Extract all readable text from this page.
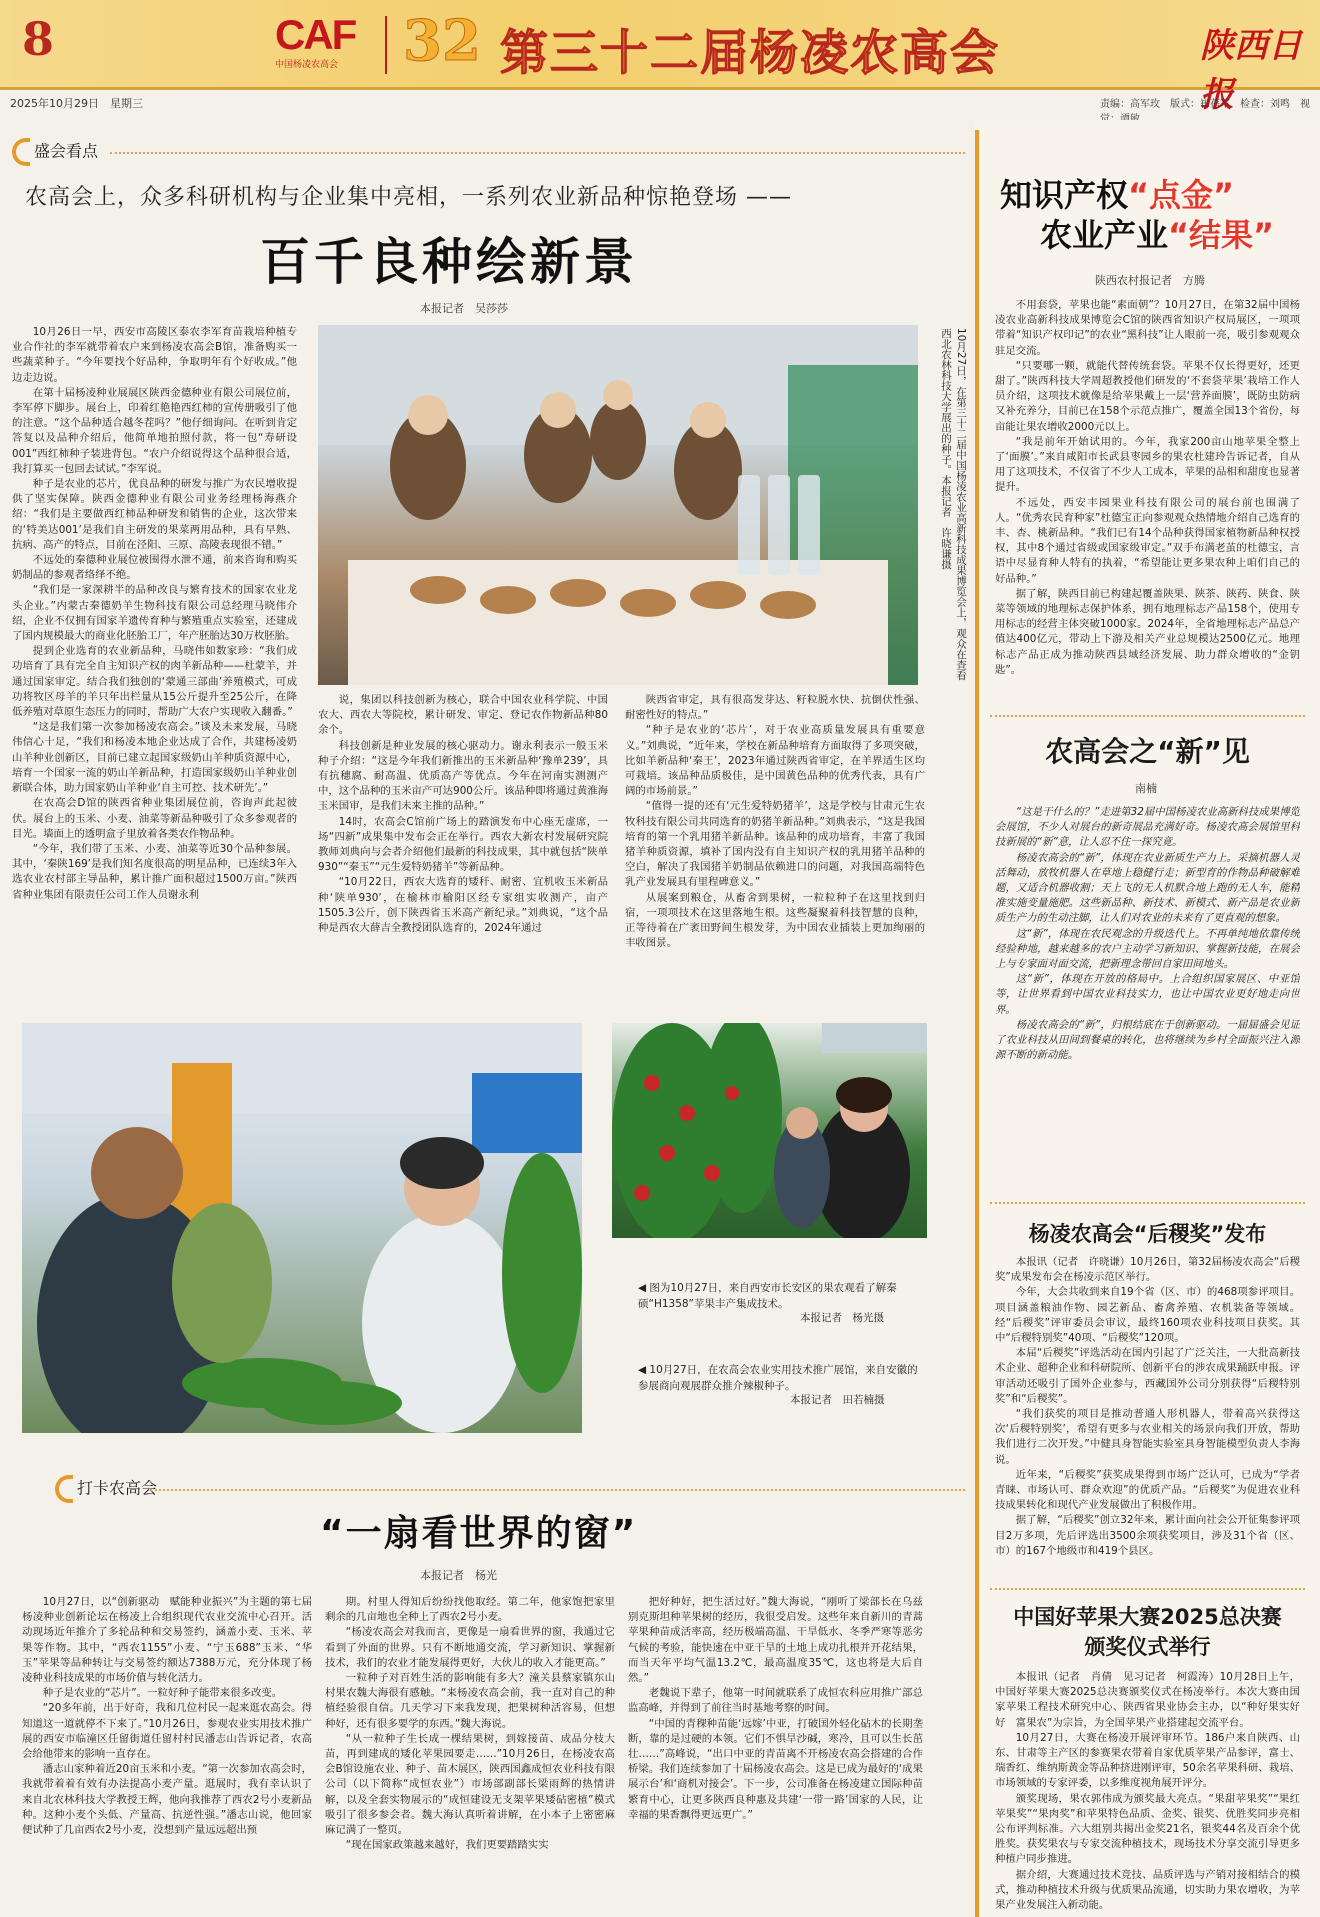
8	CAF
中国杨凌农高会	32 第三十二届杨凌农高会	陕西日报
2025年10月29日　星期三	责编：高军玫　版式：崔蓓军　检查：刘鸣　视
盛会看点
农高会上，众多科研机构与企业集中亮相，一系列农业新品种惊艳登场 ——
百千良种绘新景
本报记者　吴莎莎

10月26日一早，西安市高陵区泰农李军育苗栽培种植专业合作社的李军就带着农户来到杨凌农高会B馆，准备购买一些蔬菜种子。“今年要找个好品种，争取明年有个好收成。”他边走边说。

在第十届杨凌种业展展区陕西金德种业有限公司展位前，李军停下脚步。展台上，印着红艳艳西红柿的宣传册吸引了他的注意。“这个品种适合越冬茬吗？”他仔细询问。在听到肯定答复以及品种介绍后，他简单地拍照付款，将一包“寿研设001”西红柿种子装进背包。“农户介绍说得这个品种很合适，我打算买一包回去试试。”李军说。

种子是农业的芯片，优良品种的研发与推广为农民增收提供了坚实保障。陕西金德种业有限公司业务经理杨海燕介绍：“我们是主要做西红柿品种研发和销售的企业，这次带来的‘特美达001’是我们自主研发的果菜两用品种，具有早熟、抗病、高产的特点，目前在泾阳、三原、高陵表现很不错。”

不远处的秦德种业展位被围得水泄不通，前来咨询和购买奶制品的参观者络绎不绝。

“我们是一家深耕半的品种改良与繁育技术的国家农业龙头企业。”内蒙古秦德奶羊生物科技有限公司总经理马晓伟介绍，企业不仅拥有国家羊遗传育种与繁殖重点实验室，还建成了国内规模最大的商业化胚胎工厂，年产胚胎达30万枚胚胎。

提到企业选育的农业新品种，马晓伟如数家珍：“我们成功培育了具有完全自主知识产权的肉羊新品种——杜蒙羊，并通过国家审定。结合我们独创的‘蒙通三部曲’养殖模式，可成功将牧区母羊的羊只年出栏量从15公斤提升至25公斤，在降低养殖对草原生态压力的同时，帮助广大农户实现收入翻番。”

“这是我们第一次参加杨凌农高会。”谈及未来发展，马晓伟信心十足，“我们和杨凌本地企业达成了合作，共建杨凌奶山羊种业创新区，目前已建立起国家级奶山羊种质资源中心，培育一个国家一流的奶山羊新品种，打造国家级奶山羊种业创新联合体，助力国家奶山羊种业‘自主可控、技术研先’。”

在农高会D馆的陕西省种业集团展位前，咨询声此起彼伏。展台上的玉米、小麦、油菜等新品种吸引了众多参观者的目光。墙面上的透明盒子里放着各类农作物品种。

“今年，我们带了玉米、小麦、油菜等近30个品种参展。其中，‘秦陕169’是我们知名度很高的明星品种，已连续3年入选农业农村部主导品种，累计推广面积超过1500万亩。”陕西省种业集团有限责任公司工作人员谢永利

10月27日，在第三十二届中国杨凌农业高新科技成果博览会上，观众在查看西北农林科技大学展出的种子。本报记者　许晓谦摄

说，集团以科技创新为核心，联合中国农业科学院、中国农大、西农大等院校，累计研发、审定、登记农作物新品种80余个。

科技创新是种业发展的核心驱动力。谢永利表示一般玉米种子介绍：“这是今年我们新推出的玉米新品种‘豫单239’，具有抗穗腐、耐高温、优质高产等优点。今年在河南实测测产中，这个品种的玉米亩产可达900公斤。该品种即将通过黄淮海玉米国审，是我们未来主推的品种。”

14时，农高会C馆前广场上的踏演发布中心座无虚席，一场“四新”成果集中发布会正在举行。西农大新农村发展研究院教师刘典向与会者介绍他们最新的科技成果，其中就包括“陕单930”“秦玉”“元生爱特奶猪羊”等新品种。

“10月22日，西农大选育的矮秆、耐密、宜机收玉米新品种‘陕单930’，在榆林市榆阳区经专家组实收测产，亩产1505.3公斤，创下陕西省玉米高产新纪录。”刘典说，“这个品种是西农大薛吉全教授团队选育的，2024年通过

陕西省审定，具有很高发芽达、籽粒脱水快、抗倒伏性强、耐密性好的特点。”

“种子是农业的‘芯片’，对于农业高质量发展具有重要意义。”刘典说，“近年来，学校在新品种培育方面取得了多项突破，比如羊新品种‘秦王’，2023年通过陕西省审定，在羊界适生区均可栽培。该品种品质极佳，是中国黄色品种的优秀代表，具有广阔的市场前景。”

“值得一提的还有‘元生爱特奶猪羊’，这是学校与甘肃元生农牧科技有限公司共同选育的奶猪羊新品种。”刘典表示，“这是我国培育的第一个乳用猪羊新品种。该品种的成功培育，丰富了我国猪羊种质资源，填补了国内没有自主知识产权的乳用猪羊品种的空白，解决了我国猪羊奶制品依赖进口的问题，对我国高端特色乳产业发展具有里程碑意义。”

从展案到粮仓，从畜舍到果树，一粒粒种子在这里找到归宿，一项项技术在这里落地生根。这些凝聚着科技智慧的良种，正等待着在广袤田野间生根发芽，为中国农业插装上更加绚丽的丰收图景。

◀ 图为10月27日，来自西安市长安区的果农观看了解秦硕“H1358”苹果丰产集成技术。
本报记者　杨光摄
◀ 10月27日，在农高会农业实用技术推广展馆，来自安徽的参展商向观展群众推介辣椒种子。
本报记者　田若楠摄
打卡农高会
“一扇看世界的窗”
本报记者　杨光

10月27日，以“创新驱动　赋能种业振兴”为主题的第七届杨凌种业创新论坛在杨凌上合组织现代农业交流中心召开。活动现场近年推介了多轮品种和交易签约，涵盖小麦、玉米、苹果等作物。其中，“西农1155”小麦、“宁玉688”玉米、“华玉”苹果等品种转让与交易签约额达7388万元，充分体现了杨凌种业科技成果的市场价值与转化活力。

种子是农业的“芯片”。一粒好种子能带来很多改变。

“20多年前，出于好奇，我和几位村民一起来逛农高会。得知道这一道就停不下来了。”10月26日，参观农业实用技术推广展的西安市临潼区任留街道任留村村民潘志山告诉记者，农高会给他带来的影响一直存在。

潘志山家种着近20亩玉米和小麦。“第一次参加农高会时，我就带着着有效有办法提高小麦产量。逛展时，我有幸认识了来自北农林科技大学教授王辉，他向我推荐了西农2号小麦新品种。这种小麦个头低、产量高、抗逆性强。”潘志山说，他回家便试种了几亩西农2号小麦，没想到产量远远超出预

期。村里人得知后纷纷找他取经。第二年，他家饱把家里剩余的几亩地也全种上了西农2号小麦。

“杨凌农高会对我而言，更像是一扇看世界的窗，我通过它看到了外面的世界。只有不断地通交流，学习新知识、掌握新技术，我们的农业才能发展得更好，大伙儿的收入才能更高。”

一粒种子对百姓生活的影响能有多大？潼关县蔡家镇东山村果农魏大海很有感触。“来杨凌农高会前，我一直对自己的种植经验很自信。几天学习下来我发现，把果树种活容易，但想种好，还有很多要学的东西。”魏大海说。

“从一粒种子生长成一棵结果树，到嫁接苗、成品分枝大苗，再到建成的矮化苹果园要走……”10月26日，在杨凌农高会B馆设施农业、种子、苗木展区，陕西国鑫成恒农业科技有限公司（以下简称“成恒农业”）市场部副部长梁雨辉的热情讲解，以及全套实物展示的“成恒建设无支架苹果矮砧密植”模式吸引了很多参会者。魏大海认真听着讲解，在小本子上密密麻麻记满了一整页。

“现在国家政策越来越好，我们更要踏踏实实

把好种好，把生活过好。”魏大海说，“刚听了梁部长在乌兹别克斯坦种苹果树的经历，我很受启发。这些年来自新川的青蒿苹果种苗成活率高，经历极端高温、干旱低水、冬季严寒等恶劣气候的考验，能快速在中亚干旱的土地上成功扎根并开花结果，而当天年平均气温13.2℃，最高温度35℃，这也将是大后自然。”

老魏说下辈子，他第一时间就联系了成恒农科应用推广部总监高峰，并得到了前往当时基地考察的时间。

“中国的青稞种苗能‘远嫁’中亚，打破国外轻化砧木的长期垄断，靠的是过硬的本领。它们不惧旱沙碱，寒冷，且可以生长茁壮……”高峰说，“出口中亚的青苗离不开杨凌农高会搭建的合作桥梁。我们连续参加了十届杨凌农高会。这是已成为最好的‘成果展示台’和‘商机对接会’。下一步，公司准备在杨凌建立国际种苗繁育中心，让更多陕西良种惠及共建‘一带一路’国家的人民，让幸福的果香飘得更远更广。”

知识产权“点金”
农业产业“结果”
陕西农村报记者　方腾

不用套袋，苹果也能“素面朝”？10月27日，在第32届中国杨凌农业高新科技成果博览会C馆的陕西省知识产权局展区，一项项带着“知识产权印记”的农业“黑科技”让人眼前一亮，吸引参观观众驻足交流。

“只要哪一颗，就能代替传统套袋。苹果不仅长得更好，还更甜了。”陕西科技大学周超教授他们研发的‘不套袋苹果’栽培工作人员介绍，这项技术就像是给苹果戴上一层‘营养面膜’，既防虫防病又补充养分，目前已在158个示范点推广，覆盖全国13个省份，每亩能让果农增收2000元以上。

“我是前年开始试用的。今年，我家200亩山地苹果全整上了‘面膜’。”来自咸阳市长武县枣园乡的果农杜建玲告诉记者，自从用了这项技术，不仅省了不少人工成本，苹果的品相和甜度也显著提升。

不远处，西安丰园果业科技有限公司的展台前也围满了人。“优秀农民育种家”杜德宝正向参观观众热情地介绍自己选育的丰、杏、桃新品种。“我们已有14个品种获得国家植物新品种权授权，其中8个通过省级或国家级审定。”双手布满老茧的杜德宝，言语中尽显育种人特有的执着，“希望能让更多果农种上咱们自己的好品种。”

据了解，陕西目前已构建起覆盖陕果、陕茶、陕药、陕食、陕菜等领域的地理标志保护体系，拥有地理标志产品158个，使用专用标志的经营主体突破1000家。2024年，全省地理标志产品总产值达400亿元，带动上下游及相关产业总规模达2500亿元。地理标志产品正成为推动陕西县域经济发展、助力群众增收的“金钥匙”。

农高会之“新”见
南楠

“这是干什么的？”走进第32届中国杨凌农业高新科技成果博览会展馆，不少人对展台的新奇展品充满好奇。杨凌农高会展馆里科技新展的“新”意，让人忍不住一探究竟。

杨凌农高会的“新”，体现在农业新质生产力上。采摘机器人灵活舞动，放牧机器人在草地上稳健行走；新型育的作物品种破解难题，又适合机器收割；天上飞的无人机默合地上跑的无人车，能精准实施变量施肥。这些新品种、新技术、新模式、新产品是农业新质生产力的生动注脚，让人们对农业的未来有了更直观的想象。

这“新”，体现在农民观念的升级迭代上。不再单纯地依靠传统经验种地，越来越多的农户主动学习新知识、掌握新技能，在展会上与专家面对面交流，把新理念带回自家田间地头。

这“新”，体现在开放的格局中。上合组织国家展区、中亚馆等，让世界看到中国农业科技实力，也让中国农业更好地走向世界。

杨凌农高会的“新”，归根结底在于创新驱动。一届届盛会见证了农业科技从田间到餐桌的转化，也将继续为乡村全面振兴注入源源不断的新动能。

杨凌农高会“后稷奖”发布

本报讯（记者　许晓谦）10月26日，第32届杨凌农高会“后稷奖”成果发布会在杨凌示范区举行。

今年，大会共收到来自19个省（区、市）的468项参评项目。项目涵盖粮油作物、园艺新品、畜禽养殖、农机装备等领域。经“后稷奖”评审委员会审议，最终160项农业科技项目获奖。其中“后稷特别奖”40项、“后稷奖”120项。

本届“后稷奖”评选活动在国内引起了广泛关注，一大批高新技术企业、超种企业和科研院所、创新平台的涉农成果踊跃申报。评审活动还吸引了国外企业参与，西藏国外公司分别获得“后稷特别奖”和“后稷奖”。

“我们获奖的项目是推动普通人形机器人，带着高兴获得这次‘后稷特别奖’，希望有更多与农业相关的场景向我们开放，帮助我们进行二次开发。”中健具身智能实验室具身智能模型负责人李海说。

近年来，“后稷奖”获奖成果得到市场广泛认可，已成为“学者青睐、市场认可、群众欢迎”的优质产品。“后稷奖”为促进农业科技成果转化和现代产业发展做出了积极作用。

据了解，“后稷奖”创立32年来，累计面向社会公开征集参评项目2万多项，先后评选出3500余项获奖项目，涉及31个省（区、市）的167个地级市和419个县区。

中国好苹果大赛2025总决赛
颁奖仪式举行

本报讯（记者　肖倩　见习记者　柯霞涛）10月28日上午，中国好苹果大赛2025总决赛颁奖仪式在杨凌举行。本次大赛由国家苹果工程技术研究中心、陕西省果业协会主办，以“种好果实好好　富果农”为宗旨，为全国苹果产业搭建起交流平台。

10月27日，大赛在杨凌开展评审环节。186户来自陕西、山东、甘肃等主产区的参赛果农带着自家优质苹果产品参评，富士、瑞香红、维纳斯黄金等品种挤进刚评审，50余名苹果科研、栽培、市场领域的专家评委，以多维度视角展开评分。

颁奖现场，果农郭伟成为颁奖最大亮点。“果甜苹果奖”“果红苹果奖”“果肉奖”和苹果特色品质、金奖、银奖、优胜奖同步亮相公布评判标准。六大组别共揭出金奖21名，银奖44名及百余个优胜奖。获奖果农与专家交流种植技术，现场技术分享交流引导更多种植户同步推进。

据介绍，大赛通过技术竞技、品质评选与产销对接相结合的模式，推动种植技术升级与优质果品流通，切实助力果农增收，为苹果产业发展注入新动能。
